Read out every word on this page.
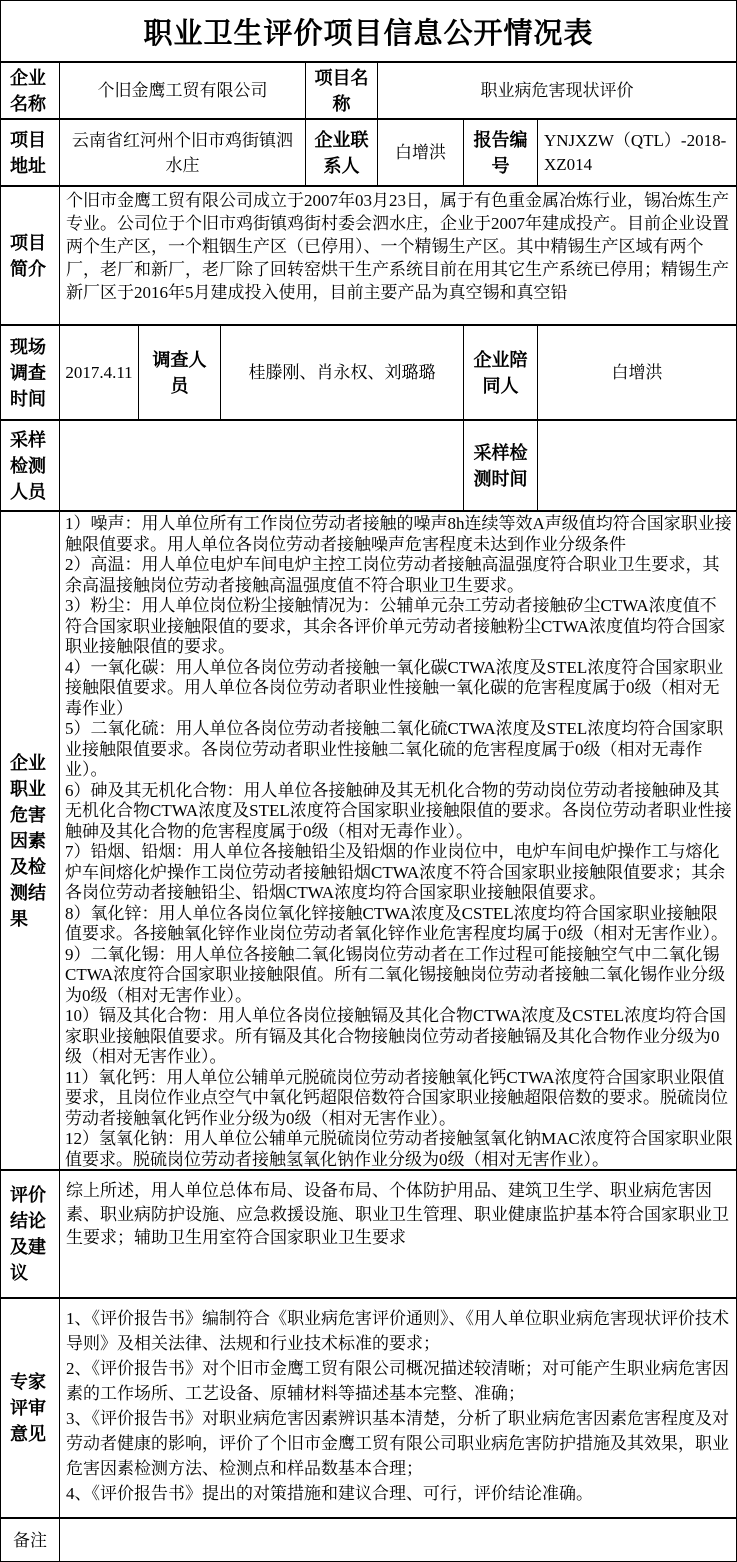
职业卫生评价项目信息公开情况表
企业名称
个旧金鹰工贸有限公司
项目名称
职业病危害现状评价
项目地址
云南省红河州个旧市鸡街镇泗水庄
企业联系人
白增洪
报告编号
YNJXZW（QTL）-2018-XZ014
项目简介
个旧市金鹰工贸有限公司成立于2007年03月23日，属于有色重金属冶炼行业，锡冶炼生产专业。公司位于个旧市鸡街镇鸡街村委会泗水庄，企业于2007年建成投产。目前企业设置两个生产区，一个粗铟生产区（已停用）、一个精锡生产区。其中精锡生产区域有两个厂，老厂和新厂，老厂除了回转窑烘干生产系统目前在用其它生产系统已停用；精锡生产新厂区于2016年5月建成投入使用，目前主要产品为真空锡和真空铅
现场调查时间
2017.4.11
调查人员
桂滕刚、肖永权、刘璐璐
企业陪同人
白增洪
采样检测人员
采样检测时间
企业职业危害因素及检测结果
1）噪声：用人单位所有工作岗位劳动者接触的噪声8h连续等效A声级值均符合国家职业接触限值要求。用人单位各岗位劳动者接触噪声危害程度未达到作业分级条件
2）高温：用人单位电炉车间电炉主控工岗位劳动者接触高温强度符合职业卫生要求，其余高温接触岗位劳动者接触高温强度值不符合职业卫生要求。
3）粉尘：用人单位岗位粉尘接触情况为：公辅单元杂工劳动者接触矽尘CTWA浓度值不符合国家职业接触限值的要求，其余各评价单元劳动者接触粉尘CTWA浓度值均符合国家职业接触限值的要求。
4）一氧化碳：用人单位各岗位劳动者接触一氧化碳CTWA浓度及STEL浓度符合国家职业接触限值要求。用人单位各岗位劳动者职业性接触一氧化碳的危害程度属于0级（相对无毒作业）
5）二氧化硫：用人单位各岗位劳动者接触二氧化硫CTWA浓度及STEL浓度均符合国家职业接触限值要求。各岗位劳动者职业性接触二氧化硫的危害程度属于0级（相对无毒作业）。
6）砷及其无机化合物：用人单位各接触砷及其无机化合物的劳动岗位劳动者接触砷及其无机化合物CTWA浓度及STEL浓度符合国家职业接触限值的要求。各岗位劳动者职业性接触砷及其化合物的危害程度属于0级（相对无毒作业）。
7）铅烟、铅烟：用人单位各接触铅尘及铅烟的作业岗位中，电炉车间电炉操作工与熔化炉车间熔化炉操作工岗位劳动者接触铅烟CTWA浓度不符合国家职业接触限值要求；其余各岗位劳动者接触铅尘、铅烟CTWA浓度均符合国家职业接触限值要求。
8）氧化锌：用人单位各岗位氧化锌接触CTWA浓度及CSTEL浓度均符合国家职业接触限值要求。各接触氧化锌作业岗位劳动者氧化锌作业危害程度均属于0级（相对无害作业）。
9）二氧化锡：用人单位各接触二氧化锡岗位劳动者在工作过程可能接触空气中二氧化锡CTWA浓度符合国家职业接触限值。所有二氧化锡接触岗位劳动者接触二氧化锡作业分级为0级（相对无害作业）。
10）镉及其化合物：用人单位各岗位接触镉及其化合物CTWA浓度及CSTEL浓度均符合国家职业接触限值要求。所有镉及其化合物接触岗位劳动者接触镉及其化合物作业分级为0级（相对无害作业）。
11）氧化钙：用人单位公辅单元脱硫岗位劳动者接触氧化钙CTWA浓度符合国家职业限值要求，且岗位作业点空气中氧化钙超限倍数符合国家职业接触超限倍数的要求。脱硫岗位劳动者接触氧化钙作业分级为0级（相对无害作业）。
12）氢氧化钠：用人单位公辅单元脱硫岗位劳动者接触氢氧化钠MAC浓度符合国家职业限值要求。脱硫岗位劳动者接触氢氧化钠作业分级为0级（相对无害作业）。
评价结论及建议
综上所述，用人单位总体布局、设备布局、个体防护用品、建筑卫生学、职业病危害因素、职业病防护设施、应急救援设施、职业卫生管理、职业健康监护基本符合国家职业卫生要求；辅助卫生用室符合国家职业卫生要求
专家评审意见
1、《评价报告书》编制符合《职业病危害评价通则》、《用人单位职业病危害现状评价技术导则》及相关法律、法规和行业技术标准的要求；
2、《评价报告书》对个旧市金鹰工贸有限公司概况描述较清晰；对可能产生职业病危害因素的工作场所、工艺设备、原辅材料等描述基本完整、准确；
3、《评价报告书》对职业病危害因素辨识基本清楚，分析了职业病危害因素危害程度及对劳动者健康的影响，评价了个旧市金鹰工贸有限公司职业病危害防护措施及其效果，职业危害因素检测方法、检测点和样品数基本合理；
4、《评价报告书》提出的对策措施和建议合理、可行，评价结论准确。
备注
